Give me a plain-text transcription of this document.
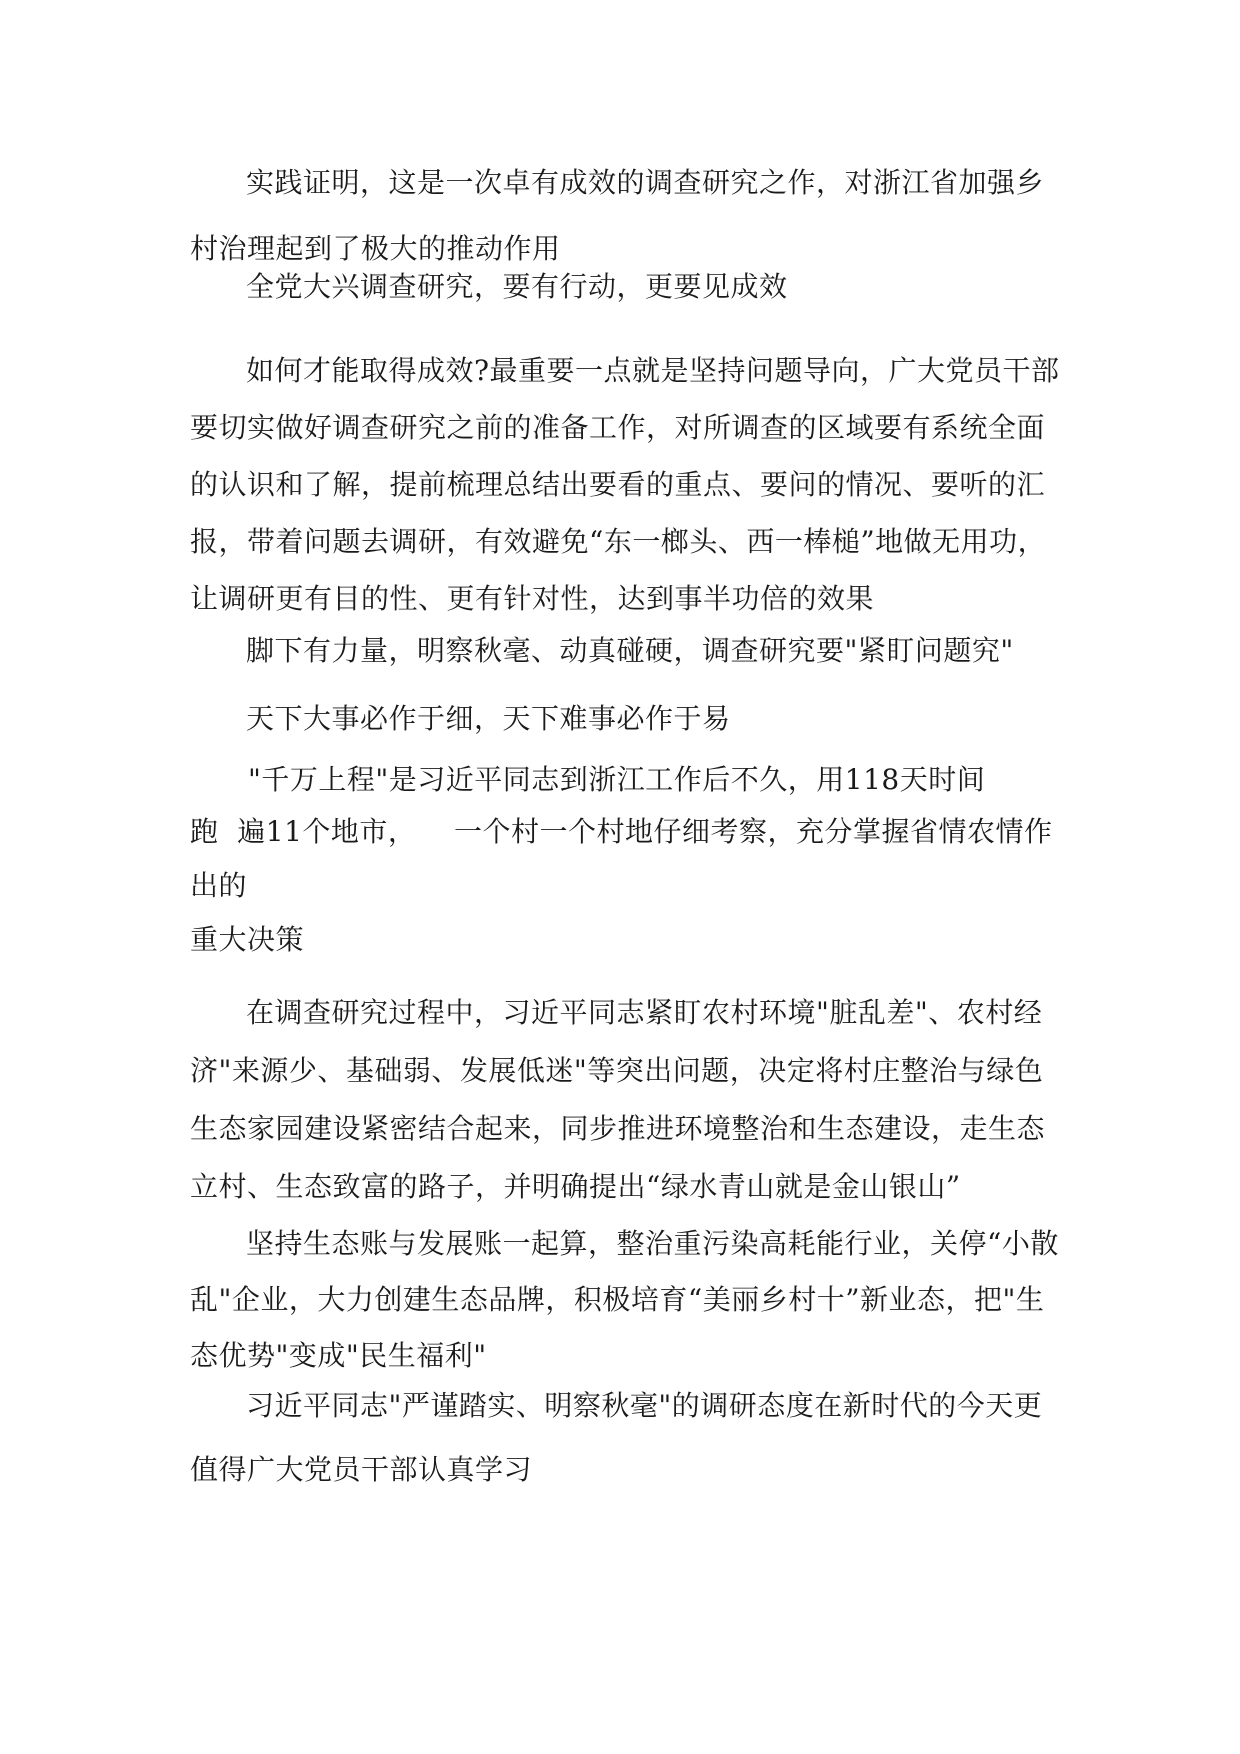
实践证明，这是一次卓有成效的调查研究之作，对浙江省加强乡村治理起到了极大的推动作用

全党大兴调查研究，要有行动，更要见成效

如何才能取得成效?最重要一点就是坚持问题导向，广大党员干部要切实做好调查研究之前的准备工作，对所调查的区域要有系统全面的认识和了解，提前梳理总结出要看的重点、要问的情况、要听的汇报，带着问题去调研，有效避免“东一榔头、西一棒槌”地做无用功，让调研更有目的性、更有针对性，达到事半功倍的效果

脚下有力量，明察秋毫、动真碰硬，调查研究要"紧盯问题究"

天下大事必作于细，天下难事必作于易

"千万上程"是习近平同志到浙江工作后不久，用118天时间

跑  遍11个地市，    一个村一个村地仔细考察，充分掌握省情农情作

出的

重大决策

在调查研究过程中，习近平同志紧盯农村环境"脏乱差"、农村经济"来源少、基础弱、发展低迷"等突出问题，决定将村庄整治与绿色生态家园建设紧密结合起来，同步推进环境整治和生态建设，走生态立村、生态致富的路子，并明确提出“绿水青山就是金山银山”

坚持生态账与发展账一起算，整治重污染高耗能行业，关停“小散乱"企业，大力创建生态品牌，积极培育“美丽乡村十”新业态，把"生态优势"变成"民生福利"

习近平同志"严谨踏实、明察秋毫"的调研态度在新时代的今天更值得广大党员干部认真学习
